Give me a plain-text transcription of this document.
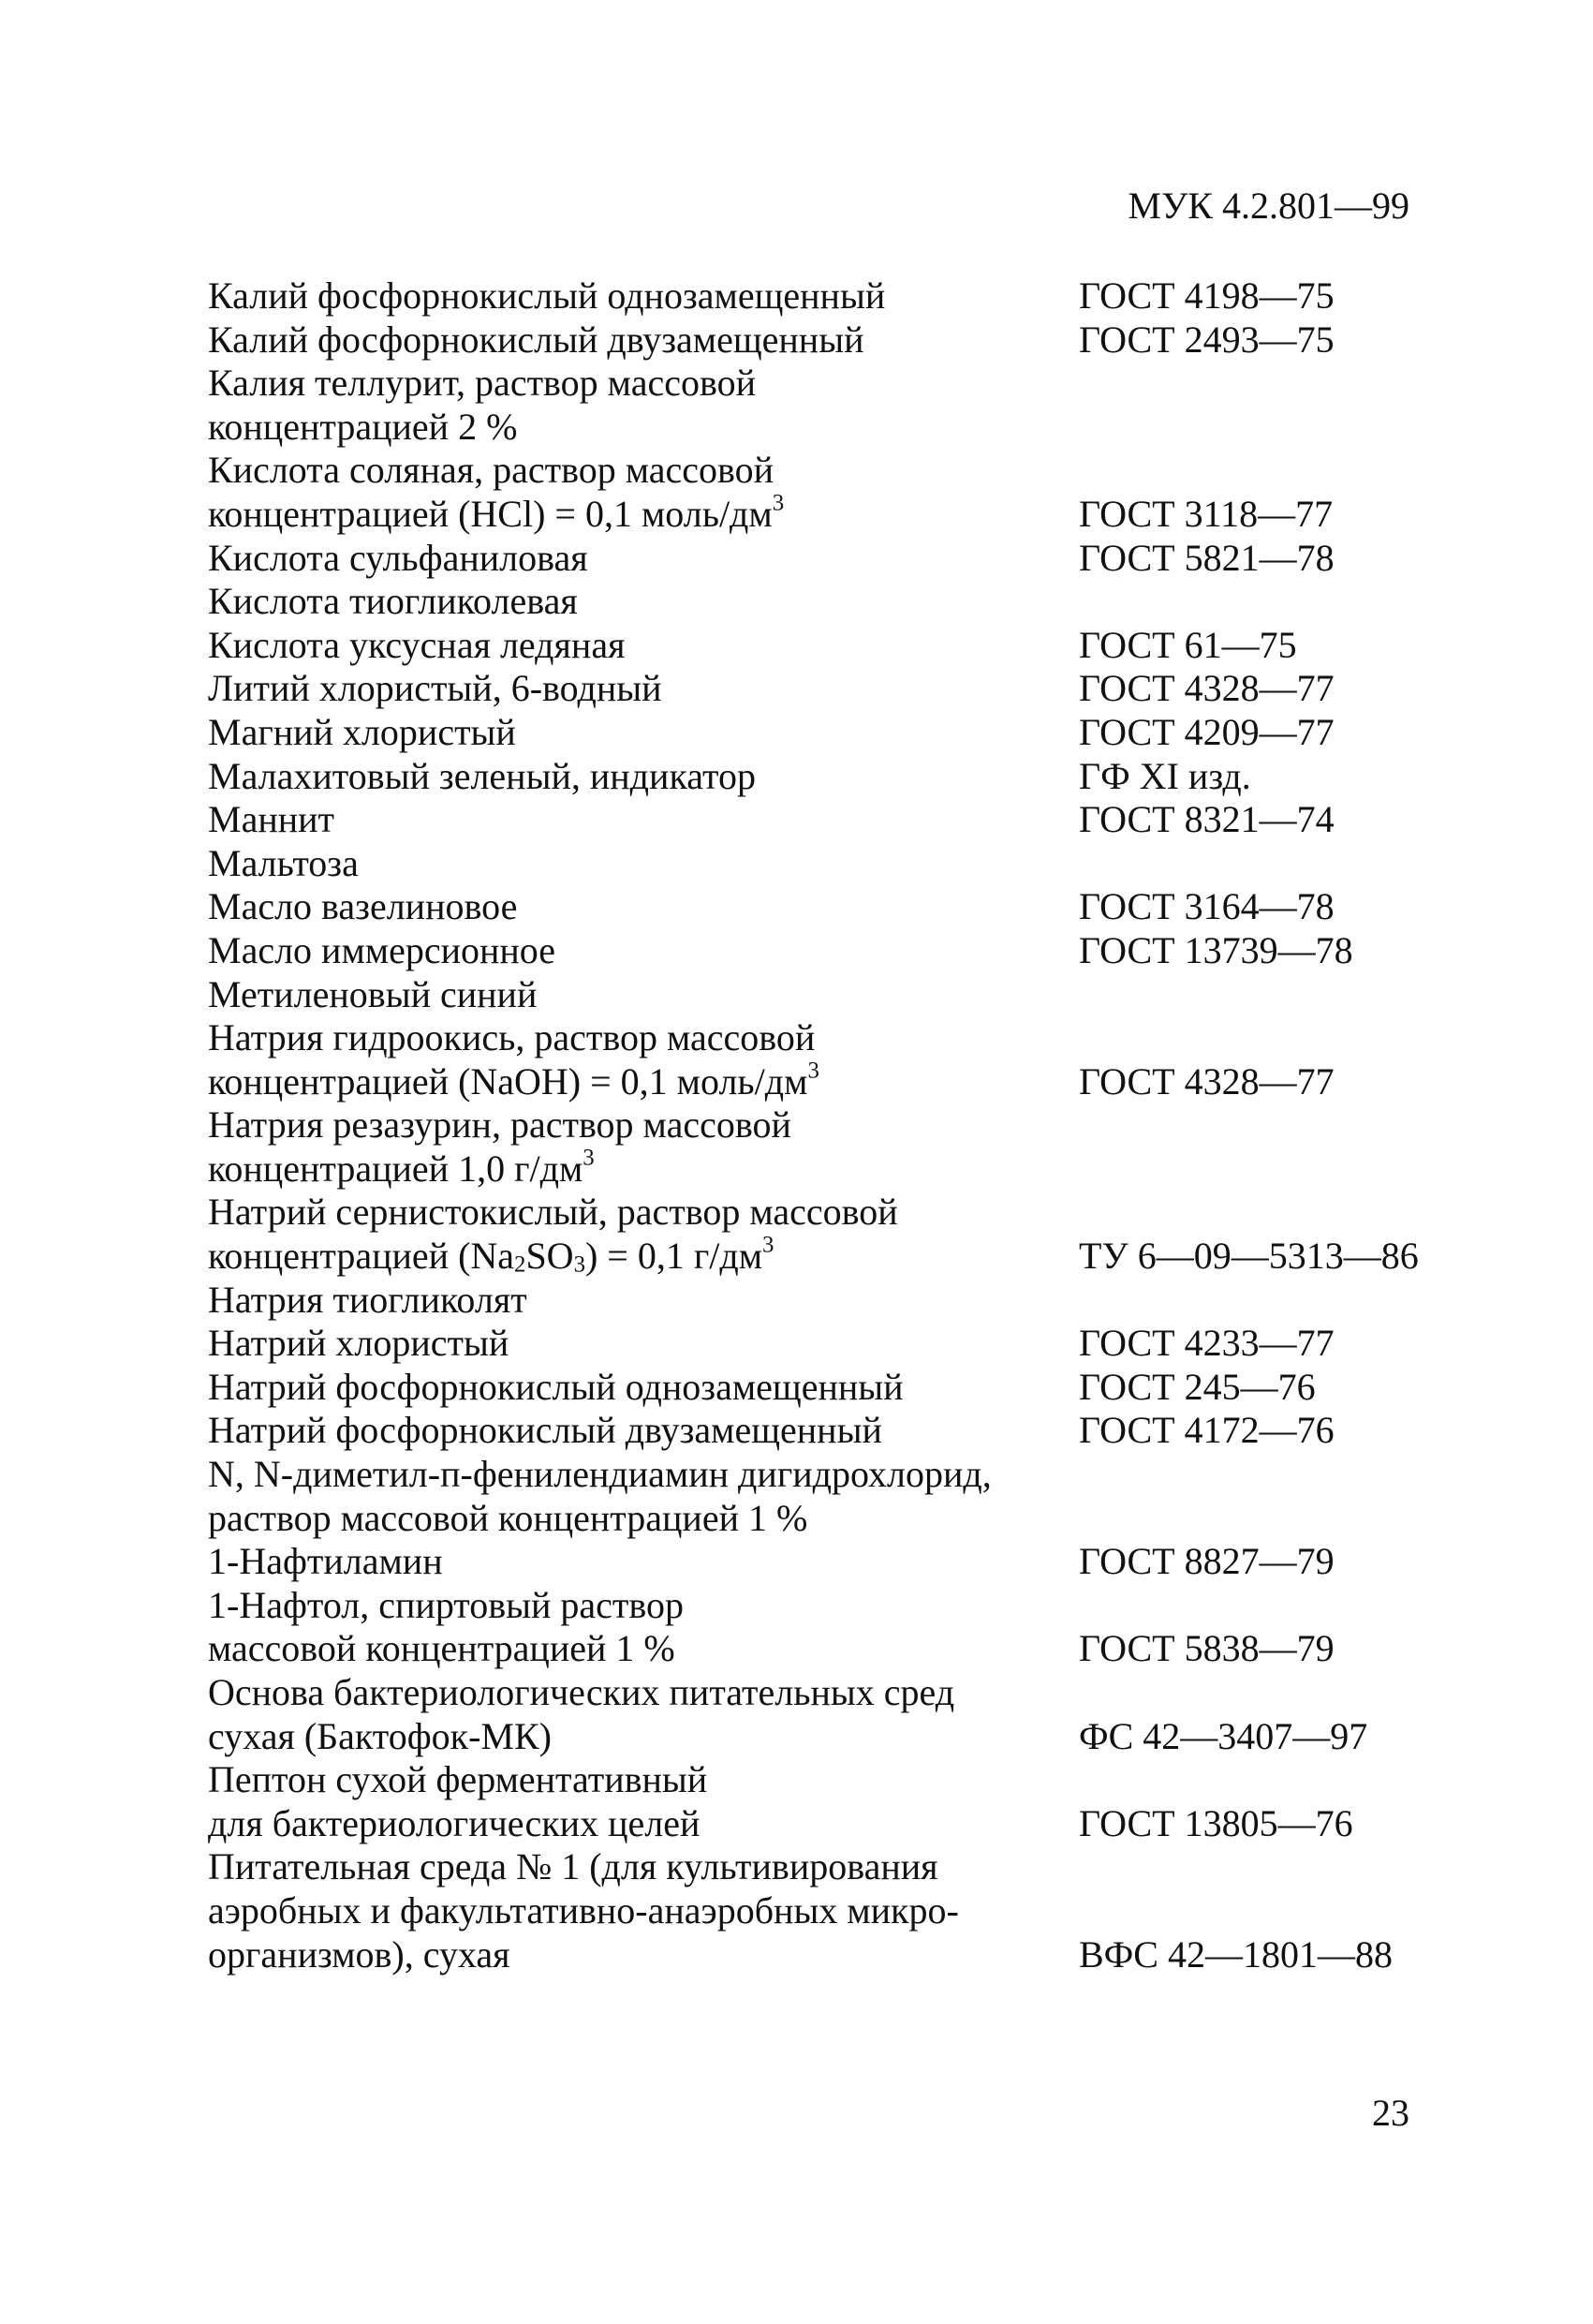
МУК 4.2.801—99
Калий фосфорнокислый однозамещенный	ГОСТ 4198—75
Калий фосфорнокислый двузамещенный	ГОСТ 2493—75
Калия теллурит, раствор массовой
концентрацией 2 %
Кислота соляная, раствор массовой
концентрацией (HCl) = 0,1 моль/$дм^3$	ГОСТ 3118—77
Кислота сульфаниловая	ГОСТ 5821—78
Кислота тиогликолевая
Кислота уксусная ледяная	ГОСТ 61—75
Литий хлористый, 6-водный	ГОСТ 4328—77
Магний хлористый	ГОСТ 4209—77
Малахитовый зеленый, индикатор	ГФ XI изд.
Маннит	ГОСТ 8321—74
Мальтоза
Масло вазелиновое	ГОСТ 3164—78
Масло иммерсионное	ГОСТ 13739—78
Метиленовый синий
Натрия гидроокись, раствор массовой
концентрацией (NaOH) = 0,1 моль/$дм^3$	ГОСТ 4328—77
Натрия резазурин, раствор массовой
концентрацией 1,0 $г/дм^3$
Натрий сернистокислый, раствор массовой
концентрацией $(Na_2SO_3) = 0,1$ $г/дм^3$	ТУ 6—09—5313—86
Натрия тиогликолят
Натрий хлористый	ГОСТ 4233—77
Натрий фосфорнокислый однозамещенный	ГОСТ 245—76
Натрий фосфорнокислый двузамещенный	ГОСТ 4172—76
N, N-диметил-п-фенилендиамин дигидрохлорид,
раствор массовой концентрацией 1 %
1-Нафтиламин	ГОСТ 8827—79
1-Нафтол, спиртовый раствор
массовой концентрацией 1 %	ГОСТ 5838—79
Основа бактериологических питательных сред
сухая (Бактофок-МК)	ФС 42—3407—97
Пептон сухой ферментативный
для бактериологических целей	ГОСТ 13805—76
Питательная среда № 1 (для культивирования
аэробных и факультативно-анаэробных микро-
организмов), сухая	ВФС 42—1801—88
23
